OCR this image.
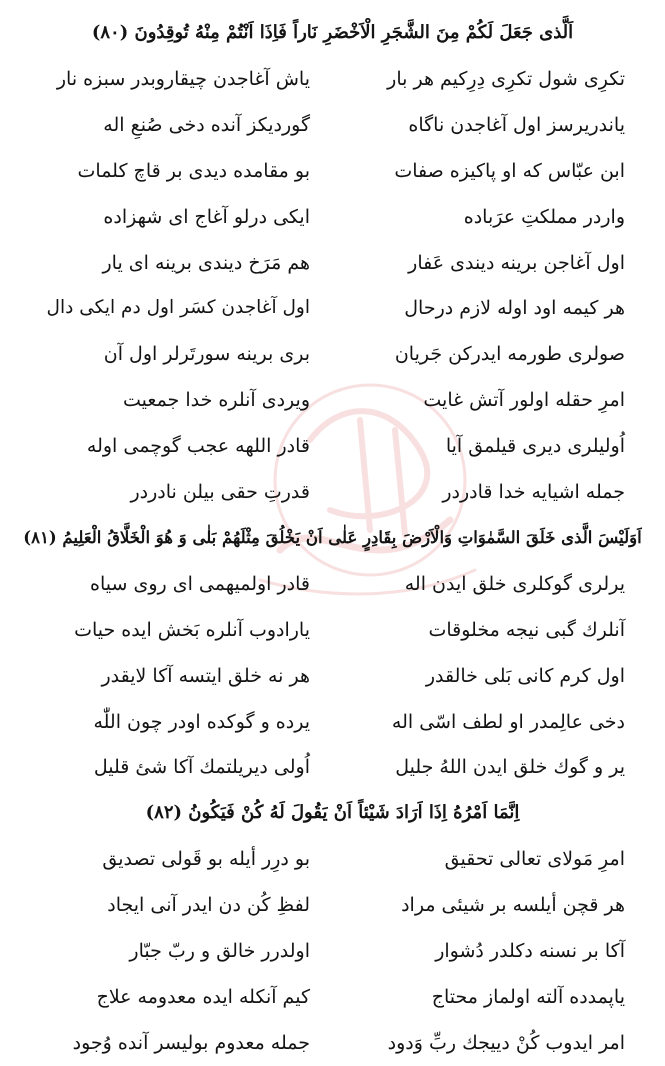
اَلَّذى جَعَلَ لَكُمْ مِنَ الشَّجَرِ الْاَخْضَرِ نَاراً فَاِذَا اَنْتُمْ مِنْهُ تُوقِدُونَ (٨٠)
تكرِى شول تكرِى دِرِكيم هر بار
ياش آغاجدن چيقاروبدر سبزه نار
ياندريرسز اول آغاجدن ناگاه
گورديكز آنده دخى صُنعِ اله
ابن عبّاس كه او پاكيزه صفات
بو مقامده ديدى بر قاچ كلمات
واردر مملكتِ عرَباده
ايكى درلو آغاج اى شهزاده
اول آغاجن برينه ديندى عَفار
هم مَرَخ ديندى برينه اى يار
هر كيمه اود اوله لازم درحال
اول آغاجدن كسَر اول دم ايكى دال
صولرى طورمه ايدركن جَريان
برى برينه سورتَرلر اول آن
امرِ حقله اولور آتش غايت
ويردى آنلره خدا جمعيت
اُوليلرى ديرى قيلمق آيا
قادر اللهه عجب گوچمى اوله
جمله اشيايه خدا قادردر
قدرتِ حقى بيلن نادردر
اَوَلَيْسَ الَّذى خَلَقَ السَّمٰوَاتِ وَالْاَرْضَ بِقَادِرٍ عَلٰى اَنْ يَخْلُقَ مِثْلَهُمْ بَلٰى وَ هُوَ الْخَلَّاقُ الْعَلِيمُ (٨١)
يرلرى گوكلرى خلق ايدن اله
قادر اولميهمى اى روى سياه
آنلرك گبى نيجه مخلوقات
يارادوب آنلره بَخش ايده حيات
اول كرم كانى بَلى خالقدر
هر نه خلق ايتسه آكا لايقدر
دخى عالِمدر او لطف اسّى اله
يرده و گوكده اودر چون اللّٰه
ير و گوك خلق ايدن اللهُ جليل
اُولى ديريلتمك آكا شئ قليل
اِنَّمَا اَمْرُهُ اِذَا اَرَادَ شَيْئاً اَنْ يَقُولَ لَهُ كُنْ فَيَكُونُ (٨٢)
امرِ مَولاى تعالى تحقيق
بو درِر أيله بو قَولى تصديق
هر قچن أيلسه بر شيئى مراد
لفظِ كُن دن ايدر آنى ايجاد
آكا بر نسنه دكلدر دُشوار
اولدرر خالق و ربّ جبّار
ياپمدده آلته اولماز محتاج
كيم آنكله ايده معدومه علاج
امر ايدوب كُنْ دييجك ربِّ وَدود
جمله معدوم بوليسر آنده وُجود
